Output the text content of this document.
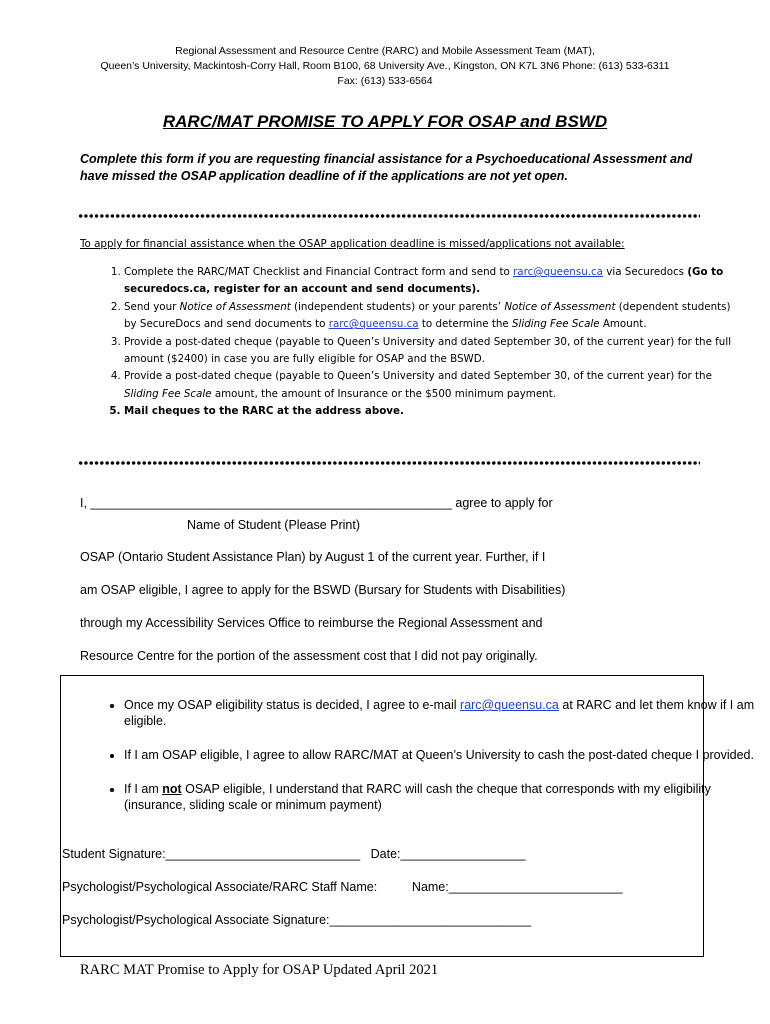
Regional Assessment and Resource Centre (RARC) and Mobile Assessment Team (MAT),
Queen’s University, Mackintosh-Corry Hall, Room B100, 68 University Ave., Kingston, ON K7L 3N6 Phone: (613) 533-6311
Fax: (613) 533-6564
RARC/MAT PROMISE TO APPLY FOR OSAP and BSWD
Complete this form if you are requesting financial assistance for a Psychoeducational Assessment and have missed the OSAP application deadline of if the applications are not yet open.
To apply for financial assistance when the OSAP application deadline is missed/applications not available:
1. Complete the RARC/MAT Checklist and Financial Contract form and send to rarc@queensu.ca via Securedocs (Go to securedocs.ca, register for an account and send documents).
2. Send your Notice of Assessment (independent students) or your parents’ Notice of Assessment (dependent students) by SecureDocs and send documents to rarc@queensu.ca to determine the Sliding Fee Scale Amount.
3. Provide a post-dated cheque (payable to Queen’s University and dated September 30, of the current year) for the full amount ($2400) in case you are fully eligible for OSAP and the BSWD.
4. Provide a post-dated cheque (payable to Queen’s University and dated September 30, of the current year) for the Sliding Fee Scale amount, the amount of Insurance or the $500 minimum payment.
5. Mail cheques to the RARC at the address above.
I, ____________________________________________________ agree to apply for
Name of Student (Please Print)
OSAP (Ontario Student Assistance Plan) by August 1 of the current year. Further, if I
am OSAP eligible, I agree to apply for the BSWD (Bursary for Students with Disabilities)
through my Accessibility Services Office to reimburse the Regional Assessment and
Resource Centre for the portion of the assessment cost that I did not pay originally.
• Once my OSAP eligibility status is decided, I agree to e-mail rarc@queensu.ca at RARC and let them know if I am eligible.
• If I am OSAP eligible, I agree to allow RARC/MAT at Queen’s University to cash the post-dated cheque I provided.
• If I am not OSAP eligible, I understand that RARC will cash the cheque that corresponds with my eligibility (insurance, sliding scale or minimum payment)
Student Signature:____________________________   Date:__________________
Psychologist/Psychological Associate/RARC Staff Name:          Name:_________________________
Psychologist/Psychological Associate Signature:_____________________________
RARC MAT Promise to Apply for OSAP Updated April 2021
